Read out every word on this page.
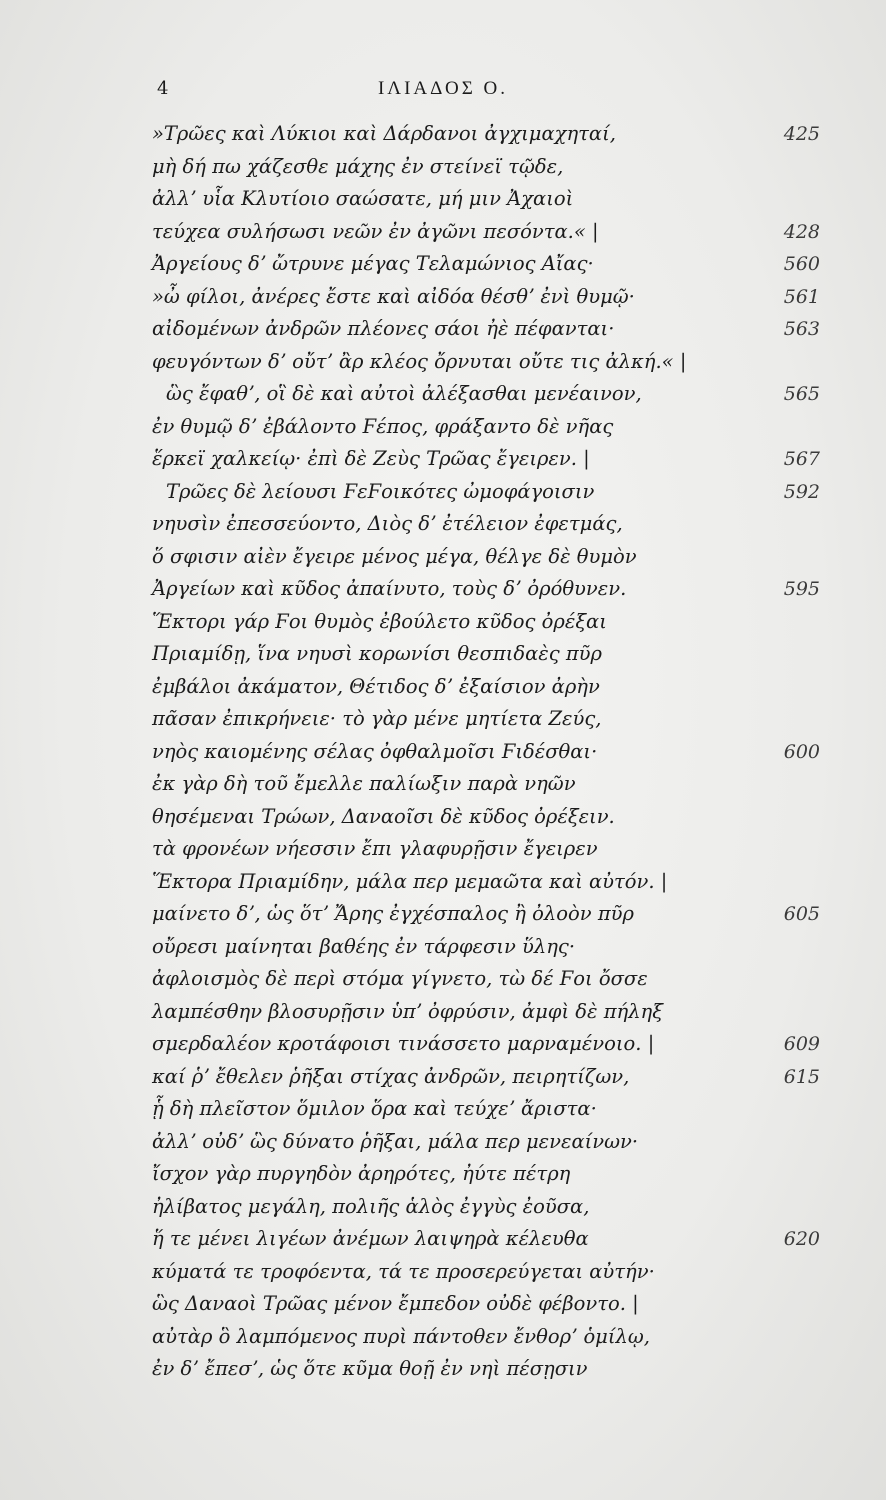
4	ΙΛΙΑΔΟΣ Ο.
»Τρῶες καὶ Λύκιοι καὶ Δάρδανοι ἀγχιμαχηταί,	425
μὴ δή πω χάζεσθε μάχης ἐν στείνεϊ τῷδε,
ἀλλʼ υἷα Κλυτίοιο σαώσατε, μή μιν Ἀχαιοὶ
τεύχεα συλήσωσι νεῶν ἐν ἀγῶνι πεσόντα.« |	428
Ἀργείους δʼ ὤτρυνε μέγας Τελαμώνιος Αἴας·	560
»ὦ φίλοι, ἀνέρες ἔστε καὶ αἰδόα θέσθʼ ἐνὶ θυμῷ·	561
αἰδομένων ἀνδρῶν πλέονες σάοι ἠὲ πέφανται·	563
φευγόντων δʼ οὔτʼ ἂρ κλέος ὄρνυται οὔτε τις ἀλκή.« |
ὣς ἔφαθʼ, οἳ δὲ καὶ αὐτοὶ ἀλέξασθαι μενέαινον,	565
ἐν θυμῷ δʼ ἐβάλοντο Ϝέπος, φράξαντο δὲ νῆας
ἕρκεϊ χαλκείῳ· ἐπὶ δὲ Ζεὺς Τρῶας ἔγειρεν. |	567
Τρῶες δὲ λείουσι ϜεϜοικότες ὠμοφάγοισιν	592
νηυσὶν ἐπεσσεύοντο, Διὸς δʼ ἐτέλειον ἐφετμάς,
ὅ σφισιν αἰὲν ἔγειρε μένος μέγα, θέλγε δὲ θυμὸν
Ἀργείων καὶ κῦδος ἀπαίνυτο, τοὺς δʼ ὀρόθυνεν.	595
Ἕκτορι γάρ Ϝοι θυμὸς ἐβούλετο κῦδος ὀρέξαι
Πριαμίδῃ, ἵνα νηυσὶ κορωνίσι θεσπιδαὲς πῦρ
ἐμβάλοι ἀκάματον, Θέτιδος δʼ ἐξαίσιον ἀρὴν
πᾶσαν ἐπικρήνειε· τὸ γὰρ μένε μητίετα Ζεύς,
νηὸς καιομένης σέλας ὀφθαλμοῖσι Ϝιδέσθαι·	600
ἐκ γὰρ δὴ τοῦ ἔμελλε παλίωξιν παρὰ νηῶν
θησέμεναι Τρώων, Δαναοῖσι δὲ κῦδος ὀρέξειν.
τὰ φρονέων νήεσσιν ἔπι γλαφυρῇσιν ἔγειρεν
Ἕκτορα Πριαμίδην, μάλα περ μεμαῶτα καὶ αὐτόν. |
μαίνετο δʼ, ὡς ὅτʼ Ἄρης ἐγχέσπαλος ἢ ὀλοὸν πῦρ	605
οὔρεσι μαίνηται βαθέης ἐν τάρφεσιν ὕλης·
ἀφλοισμὸς δὲ περὶ στόμα γίγνετο, τὼ δέ Ϝοι ὄσσε
λαμπέσθην βλοσυρῇσιν ὑπʼ ὀφρύσιν, ἀμφὶ δὲ πήληξ
σμερδαλέον κροτάφοισι τινάσσετο μαρναμένοιο. |	609
καί ῥʼ ἔθελεν ῥῆξαι στίχας ἀνδρῶν, πειρητίζων,	615
ᾗ δὴ πλεῖστον ὅμιλον ὅρα καὶ τεύχεʼ ἄριστα·
ἀλλʼ οὐδʼ ὣς δύνατο ῥῆξαι, μάλα περ μενεαίνων·
ἴσχον γὰρ πυργηδὸν ἀρηρότες, ἠύτε πέτρη
ἠλίβατος μεγάλη, πολιῆς ἁλὸς ἐγγὺς ἐοῦσα,
ἥ τε μένει λιγέων ἀνέμων λαιψηρὰ κέλευθα	620
κύματά τε τροφόεντα, τά τε προσερεύγεται αὐτήν·
ὣς Δαναοὶ Τρῶας μένον ἔμπεδον οὐδὲ φέβοντο. |
αὐτὰρ ὃ λαμπόμενος πυρὶ πάντοθεν ἔνθορʼ ὁμίλῳ,
ἐν δʼ ἔπεσʼ, ὡς ὅτε κῦμα θοῇ ἐν νηὶ πέσῃσιν
